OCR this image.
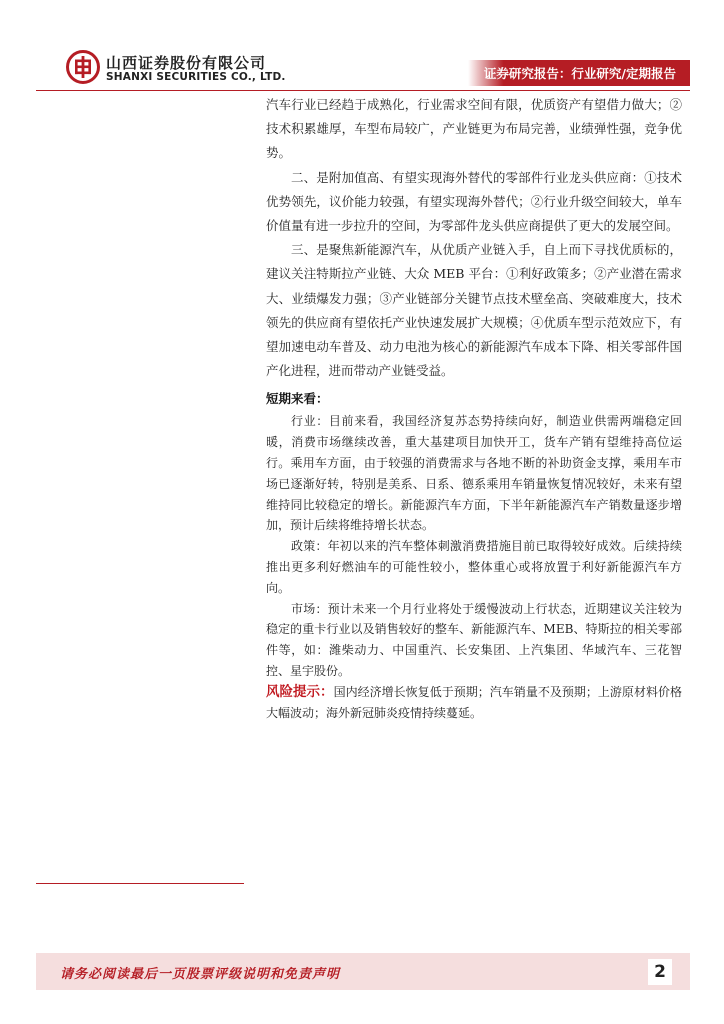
山西证券股份有限公司
SHANXI SECURITIES CO., LTD.	证券研究报告：行业研究/定期报告

汽车行业已经趋于成熟化，行业需求空间有限，优质资产有望借力做大；②技术积累雄厚，车型布局较广，产业链更为布局完善，业绩弹性强，竞争优势。

二、是附加值高、有望实现海外替代的零部件行业龙头供应商：①技术优势领先，议价能力较强，有望实现海外替代；②行业升级空间较大，单车价值量有进一步拉升的空间，为零部件龙头供应商提供了更大的发展空间。

三、是聚焦新能源汽车，从优质产业链入手，自上而下寻找优质标的，建议关注特斯拉产业链、大众 MEB 平台：①利好政策多；②产业潜在需求大、业绩爆发力强；③产业链部分关键节点技术壁垒高、突破难度大，技术领先的供应商有望依托产业快速发展扩大规模；④优质车型示范效应下，有望加速电动车普及、动力电池为核心的新能源汽车成本下降、相关零部件国产化进程，进而带动产业链受益。

短期来看：

行业：目前来看，我国经济复苏态势持续向好，制造业供需两端稳定回暖，消费市场继续改善，重大基建项目加快开工，货车产销有望维持高位运行。乘用车方面，由于较强的消费需求与各地不断的补助资金支撑，乘用车市场已逐渐好转，特别是美系、日系、德系乘用车销量恢复情况较好，未来有望维持同比较稳定的增长。新能源汽车方面，下半年新能源汽车产销数量逐步增加，预计后续将维持增长状态。

政策：年初以来的汽车整体刺激消费措施目前已取得较好成效。后续持续推出更多利好燃油车的可能性较小，整体重心或将放置于利好新能源汽车方向。

市场：预计未来一个月行业将处于缓慢波动上行状态，近期建议关注较为稳定的重卡行业以及销售较好的整车、新能源汽车、MEB、特斯拉的相关零部件等，如：潍柴动力、中国重汽、长安集团、上汽集团、华域汽车、三花智控、星宇股份。

风险提示：国内经济增长恢复低于预期；汽车销量不及预期；上游原材料价格大幅波动；海外新冠肺炎疫情持续蔓延。

请务必阅读最后一页股票评级说明和免责声明	2
